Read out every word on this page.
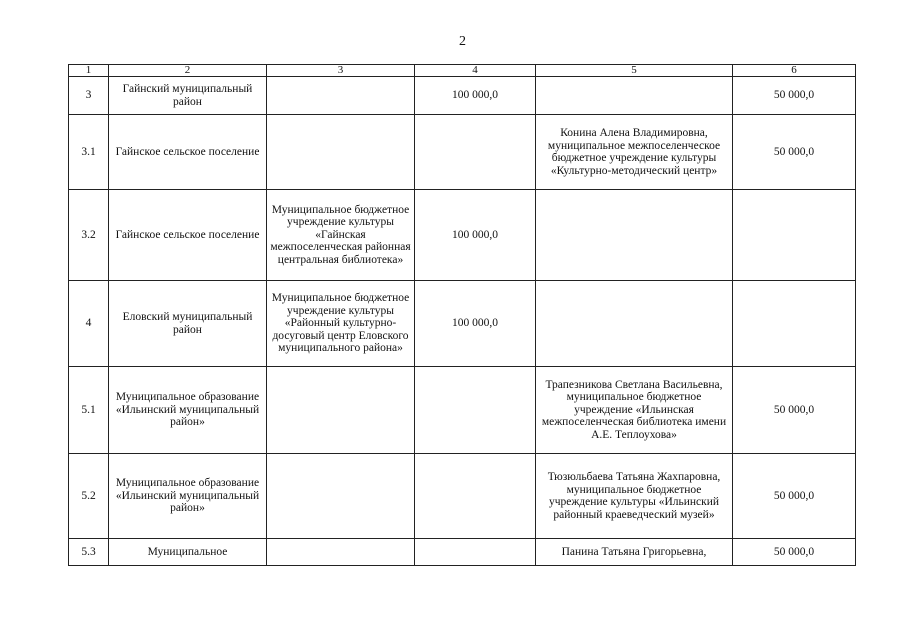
2
1	2	3	4	5	6
3	Гайнский муниципальный район		100 000,0		50 000,0
3.1	Гайнское сельское поселение			Конина Алена Владимировна, муниципальное межпоселенческое бюджетное учреждение культуры «Культурно-методический центр»	50 000,0
3.2	Гайнское сельское поселение	Муниципальное бюджетное учреждение культуры «Гайнская межпоселенческая районная центральная библиотека»	100 000,0		
4	Еловский муниципальный район	Муниципальное бюджетное учреждение культуры «Районный культурно-досуговый центр Еловского муниципального района»	100 000,0		
5.1	Муниципальное образование «Ильинский муниципальный район»			Трапезникова Светлана Васильевна, муниципальное бюджетное учреждение «Ильинская межпоселенческая библиотека имени А.Е. Теплоухова»	50 000,0
5.2	Муниципальное образование «Ильинский муниципальный район»			Тюзюльбаева Татьяна Жахпаровна, муниципальное бюджетное учреждение культуры «Ильинский районный краеведческий музей»	50 000,0
5.3	Муниципальное			Панина Татьяна Григорьевна,	50 000,0
